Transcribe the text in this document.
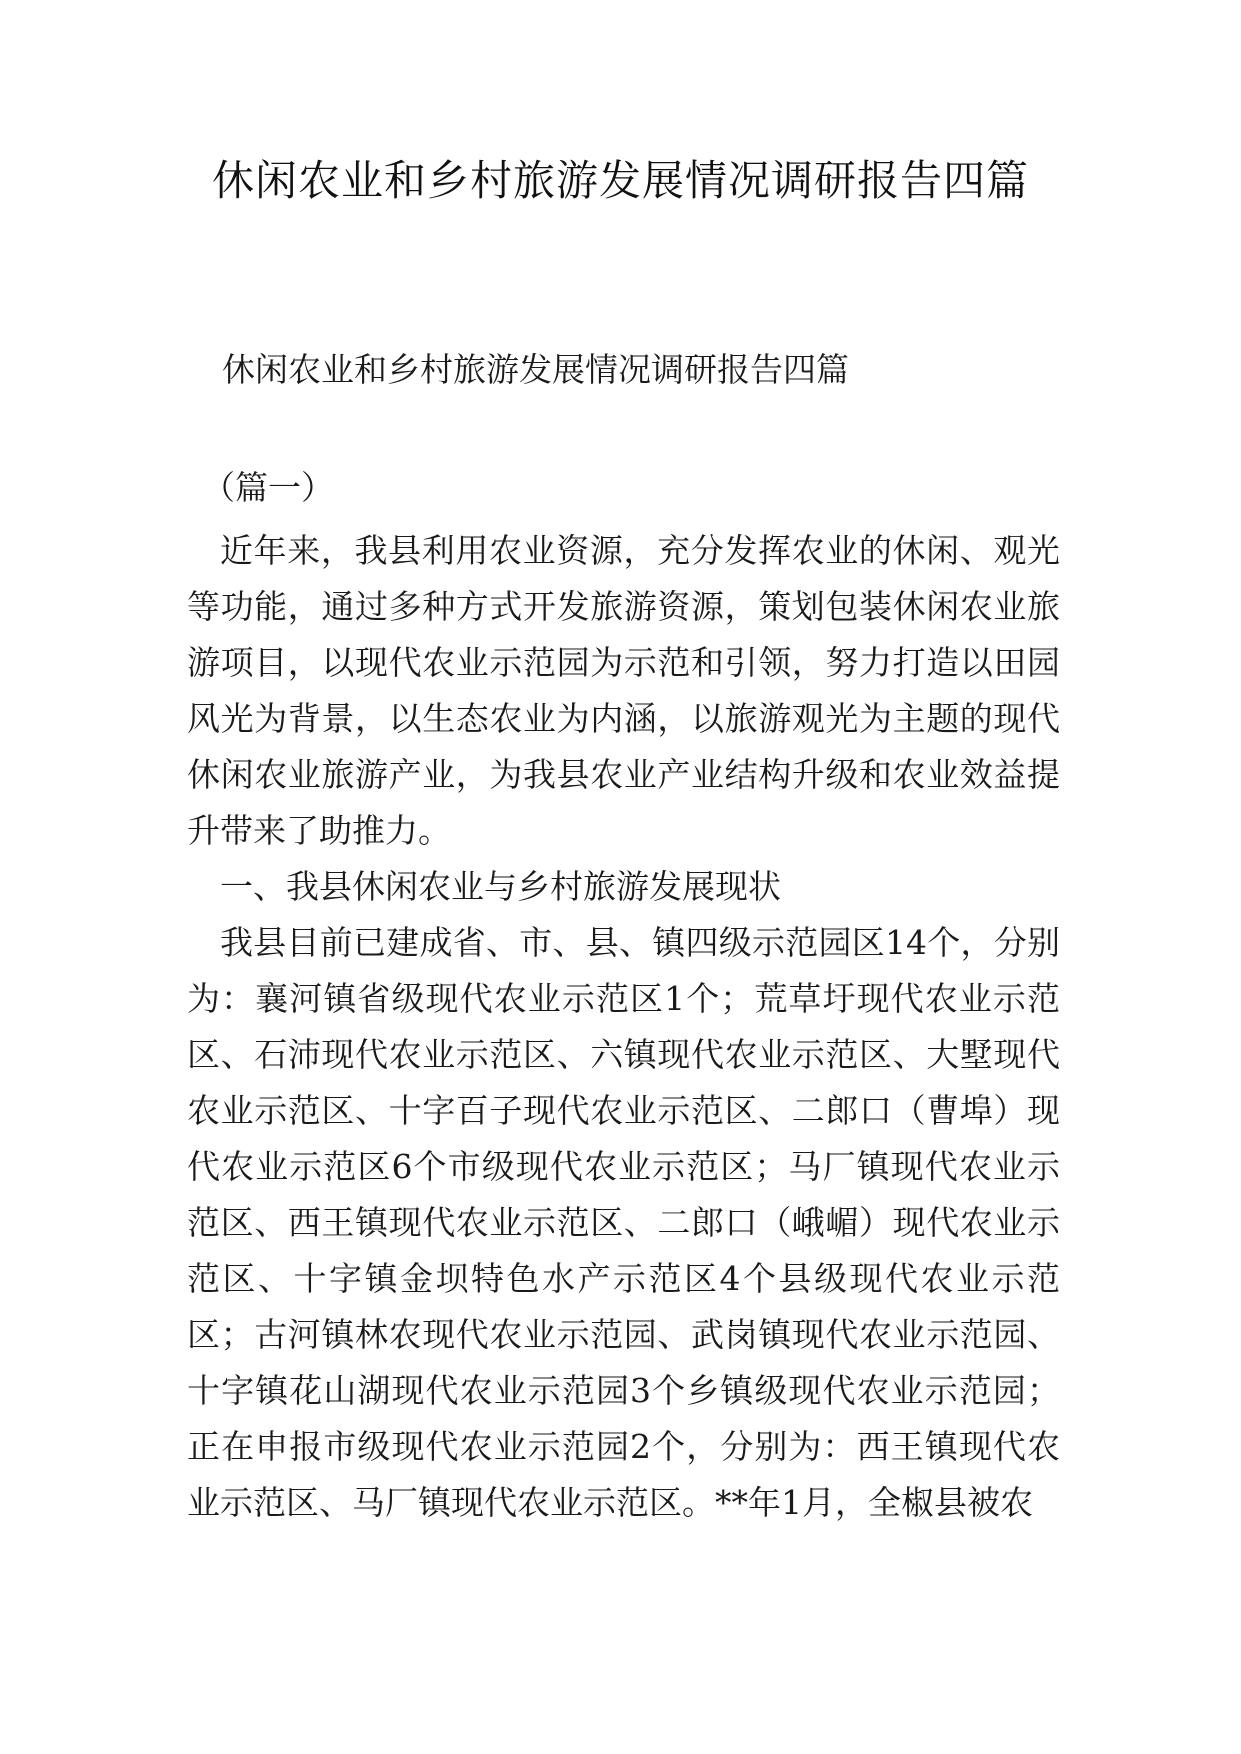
休闲农业和乡村旅游发展情况调研报告四篇
休闲农业和乡村旅游发展情况调研报告四篇
（篇一）

近年来，我县利用农业资源，充分发挥农业的休闲、观光等功能，通过多种方式开发旅游资源，策划包装休闲农业旅游项目，以现代农业示范园为示范和引领，努力打造以田园风光为背景，以生态农业为内涵，以旅游观光为主题的现代休闲农业旅游产业，为我县农业产业结构升级和农业效益提升带来了助推力。

一、我县休闲农业与乡村旅游发展现状

我县目前已建成省、市、县、镇四级示范园区14个，分别为：襄河镇省级现代农业示范区1个；荒草圩现代农业示范区、石沛现代农业示范区、六镇现代农业示范区、大墅现代农业示范区、十字百子现代农业示范区、二郎口（曹埠）现代农业示范区6个市级现代农业示范区；马厂镇现代农业示范区、西王镇现代农业示范区、二郎口（峨嵋）现代农业示范区、十字镇金坝特色水产示范区4个县级现代农业示范区；古河镇林农现代农业示范园、武岗镇现代农业示范园、十字镇花山湖现代农业示范园3个乡镇级现代农业示范园；正在申报市级现代农业示范园2个，分别为：西王镇现代农业示范区、马厂镇现代农业示范区。**年1月，全椒县被农
